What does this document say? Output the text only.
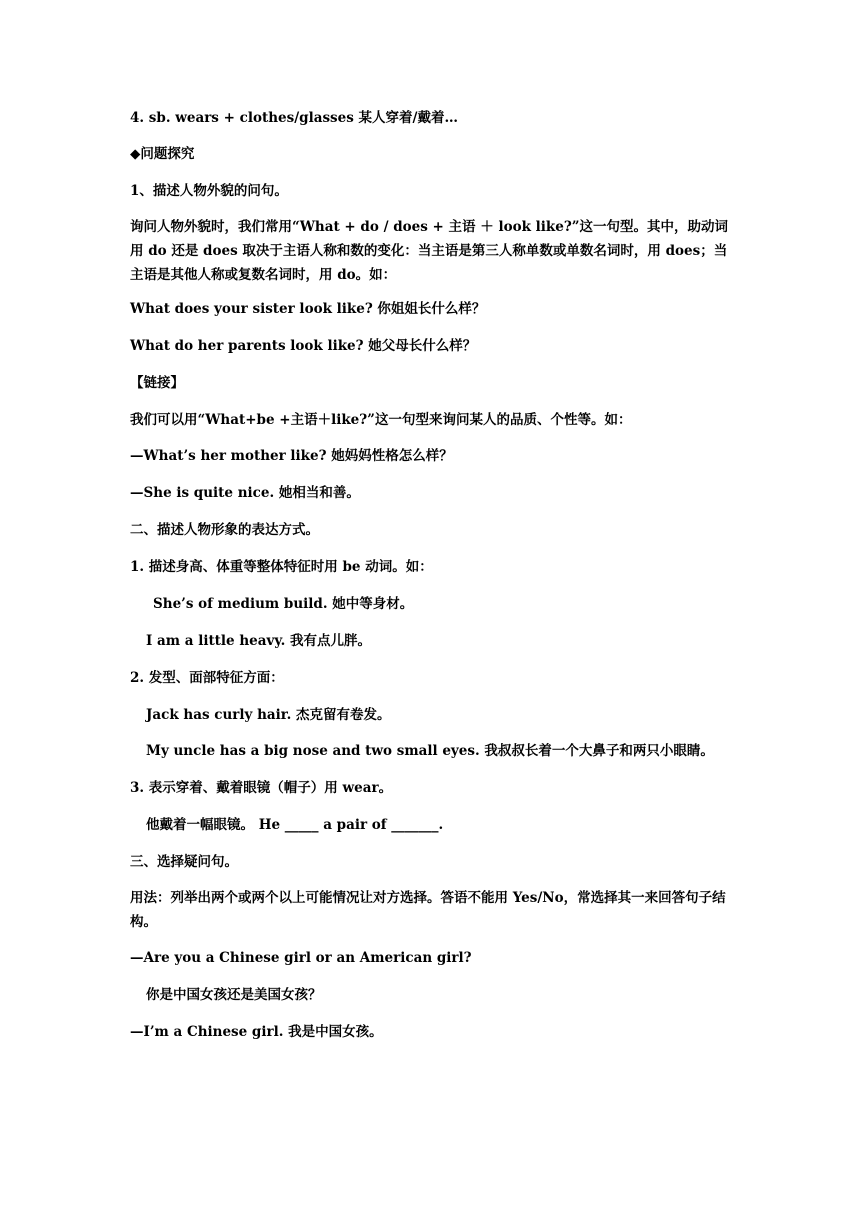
4. sb. wears + clothes/glasses 某人穿着/戴着…
◆问题探究
1、描述人物外貌的问句。
询问人物外貌时，我们常用“What + do / does + 主语 ＋ look like?”这一句型。其中，助动词用 do 还是 does 取决于主语人称和数的变化：当主语是第三人称单数或单数名词时，用 does；当主语是其他人称或复数名词时，用 do。如：
What does your sister look like? 你姐姐长什么样？
What do her parents look like? 她父母长什么样？
【链接】
我们可以用“What+be +主语＋like?”这一句型来询问某人的品质、个性等。如：
—What’s her mother like? 她妈妈性格怎么样？
—She is quite nice. 她相当和善。
二、描述人物形象的表达方式。
1. 描述身高、体重等整体特征时用 be 动词。如：
She’s of medium build. 她中等身材。
I am a little heavy. 我有点儿胖。
2. 发型、面部特征方面：
Jack has curly hair. 杰克留有卷发。
My uncle has a big nose and two small eyes. 我叔叔长着一个大鼻子和两只小眼睛。
3. 表示穿着、戴着眼镜（帽子）用 wear。
他戴着一幅眼镜。 He _____ a pair of _______.
三、选择疑问句。
用法：列举出两个或两个以上可能情况让对方选择。答语不能用 Yes/No，常选择其一来回答句子结构。
—Are you a Chinese girl or an American girl?
你是中国女孩还是美国女孩？
—I’m a Chinese girl. 我是中国女孩。
